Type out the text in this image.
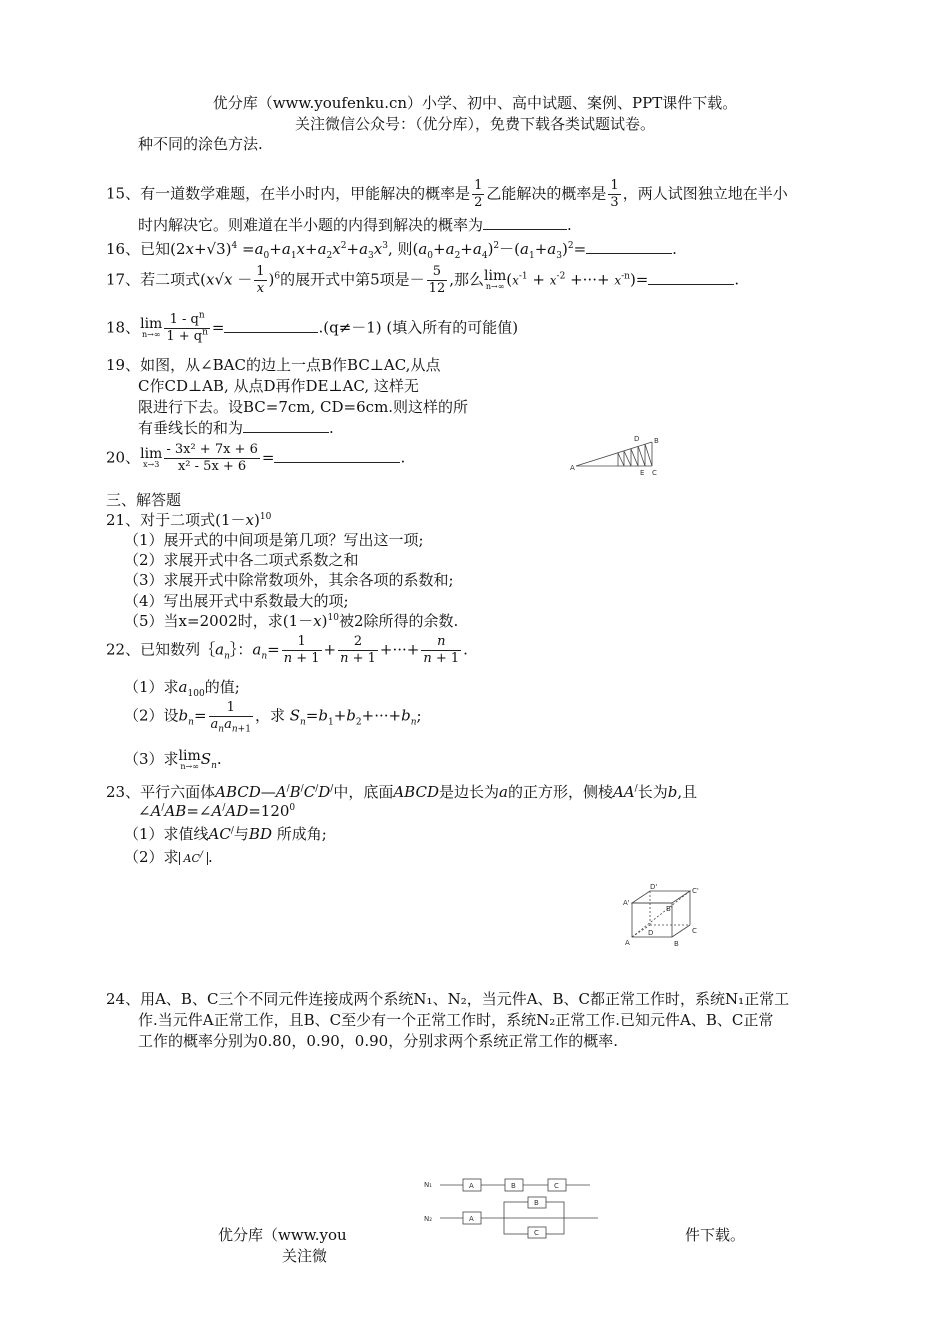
优分库（www.youfenku.cn）小学、初中、高中试题、案例、PPT课件下载。
关注微信公众号：（优分库），免费下载各类试题试卷。
种不同的涂色方法.
15、有一道数学难题，在半小时内，甲能解决的概率是 $\frac{1}{2}$ 乙能解决的概率是 $\frac{1}{3}$ ，两人试图独立地在半小
时内解决它。则难道在半小题的内得到解决的概率为	.
16、已知$(2x+√3)^4 =a_0+a_1x+a_2x^2+a_3x^3$, 则$(a_0+a_2+a_4)^2-(a_1+a_3)^2=$	.
17、若二项式$(x√x - \frac{1}{x} )^6$的展开式中第5项是－ $\frac{5}{12}$ ,那么lim
n→∞ ($x^{-1} + x^{-2}$ +···+ $x^{-n})=$	.
18、lim
$n\to\infty \frac{1 - q^n}{1 + q^n}$ =	.(q≠－1) (填入所有的可能值)
19、如图，从∠BAC的边上一点B作BC⊥AC,从点
C作CD⊥AB, 从点D再作DE⊥AC, 这样无
限进行下去。设BC=7cm, CD=6cm.则这样的所
有垂线长的和为	.
20、lim
$x\to 3 \frac{\text{- 3x² + 7x + 6}}{\text{x² - 5x + 6}}$ =	.
A
D B
E C
三、解答题
21、对于二项式$(1-x)^{10}$
（1）展开式的中间项是第几项？写出这一项;
（2）求展开式中各二项式系数之和
（3）求展开式中除常数项外，其余各项的系数和;
（4）写出展开式中系数最大的项;
（5）当x=2002时，求$(1-x)^{10}$被2除所得的余数.
22、已知数列$\{a_n\}$：$a_n= \frac{1}{n + 1} + \frac{2}{n + 1}$ +···+ $\frac{n}{n + 1}$ .
（1）求$a_{100}$的值;
（2）设$b_n= \frac{1}{a_na_{n+1}}$ ，求 $S_n=b_1+b_2+\cdot\cdot\cdot+b_n$;
（3）求lim
n→∞ $S_n$.
23、平行六面体ABCD—A/B/C/D/中，底面ABCD是边长为a的正方形，侧棱AA/长为b,且
$\angle A^/AB=\angle A^/AD=120^0$
（1）求值线AC/与BD 所成角;
（2）求 AC/ .
D'	C'
A'
B'
D
A	B
C
24、用A、B、C三个不同元件连接成两个系统N₁、N₂，当元件A、B、C都正常工作时，系统N₁正常工
作.当元件A正常工作，且B、C至少有一个正常工作时，系统N₂正常工作.已知元件A、B、C正常
工作的概率分别为0.80，0.90，0.90，分别求两个系统正常工作的概率.
优分库（www.you	件下载。
关注微
N₁
N₂
A	B	C
A
B
C
